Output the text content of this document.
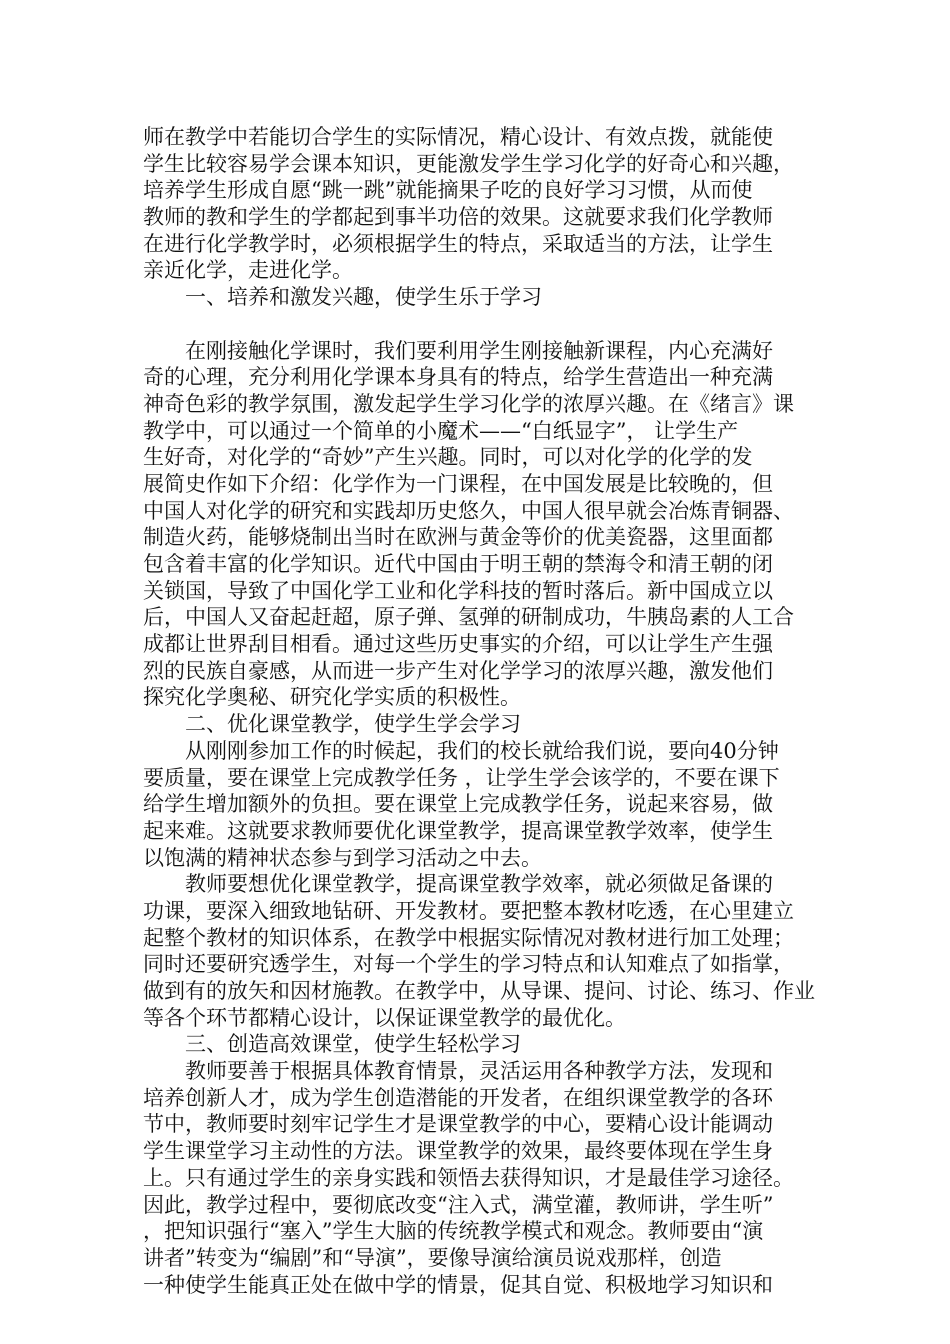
师在教学中若能切合学生的实际情况，精心设计、有效点拨，就能使
学生比较容易学会课本知识，更能激发学生学习化学的好奇心和兴趣，
培养学生形成自愿“跳一跳”就能摘果子吃的良好学习习惯，从而使
教师的教和学生的学都起到事半功倍的效果。这就要求我们化学教师
在进行化学教学时，必须根据学生的特点，采取适当的方法，让学生
亲近化学，走进化学。
一、培养和激发兴趣，使学生乐于学习
在刚接触化学课时，我们要利用学生刚接触新课程，内心充满好
奇的心理，充分利用化学课本身具有的特点，给学生营造出一种充满
神奇色彩的教学氛围，激发起学生学习化学的浓厚兴趣。在《绪言》课
教学中，可以通过一个简单的小魔术——“白纸显字”， 让学生产
生好奇，对化学的“奇妙”产生兴趣。同时，可以对化学的化学的发
展简史作如下介绍：化学作为一门课程，在中国发展是比较晚的，但
中国人对化学的研究和实践却历史悠久，中国人很早就会冶炼青铜器、
制造火药，能够烧制出当时在欧洲与黄金等价的优美瓷器，这里面都
包含着丰富的化学知识。近代中国由于明王朝的禁海令和清王朝的闭
关锁国，导致了中国化学工业和化学科技的暂时落后。新中国成立以
后，中国人又奋起赶超，原子弹、氢弹的研制成功，牛胰岛素的人工合
成都让世界刮目相看。通过这些历史事实的介绍，可以让学生产生强
烈的民族自豪感，从而进一步产生对化学学习的浓厚兴趣，激发他们
探究化学奥秘、研究化学实质的积极性。
二、优化课堂教学，使学生学会学习
从刚刚参加工作的时候起，我们的校长就给我们说，要向40分钟
要质量，要在课堂上完成教学任务 ，让学生学会该学的，不要在课下
给学生增加额外的负担。要在课堂上完成教学任务，说起来容易，做
起来难。这就要求教师要优化课堂教学，提高课堂教学效率，使学生
以饱满的精神状态参与到学习活动之中去。
教师要想优化课堂教学，提高课堂教学效率，就必须做足备课的
功课，要深入细致地钻研、开发教材。要把整本教材吃透，在心里建立
起整个教材的知识体系，在教学中根据实际情况对教材进行加工处理；
同时还要研究透学生，对每一个学生的学习特点和认知难点了如指掌，
做到有的放矢和因材施教。在教学中，从导课、提问、讨论、练习、作业
等各个环节都精心设计，以保证课堂教学的最优化。
三、创造高效课堂，使学生轻松学习
教师要善于根据具体教育情景，灵活运用各种教学方法，发现和
培养创新人才，成为学生创造潜能的开发者，在组织课堂教学的各环
节中，教师要时刻牢记学生才是课堂教学的中心，要精心设计能调动
学生课堂学习主动性的方法。课堂教学的效果，最终要体现在学生身
上。只有通过学生的亲身实践和领悟去获得知识，才是最佳学习途径。
因此，教学过程中，要彻底改变“注入式，满堂灌，教师讲，学生听”
，把知识强行“塞入”学生大脑的传统教学模式和观念。教师要由“演
讲者”转变为“编剧”和“导演”，要像导演给演员说戏那样，创造
一种使学生能真正处在做中学的情景，促其自觉、积极地学习知识和
